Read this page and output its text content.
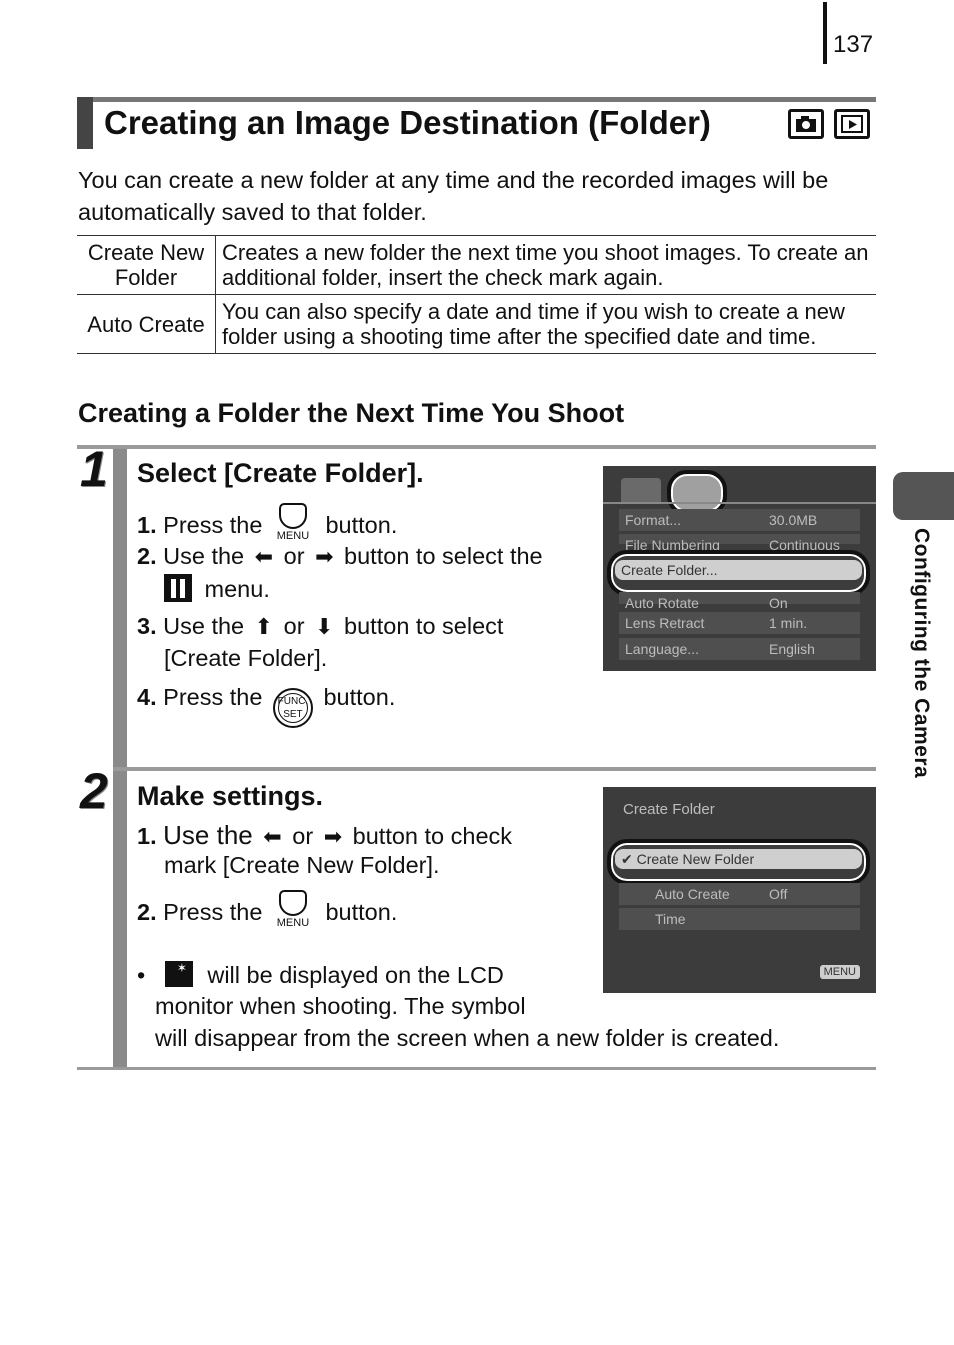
137
Creating an Image Destination (Folder)
You can create a new folder at any time and the recorded images will be automatically saved to that folder.
Create New Folder	Creates a new folder the next time you shoot images. To create an additional folder, insert the check mark again.
Auto Create	You can also specify a date and time if you wish to create a new folder using a shooting time after the specified date and time.
Creating a Folder the Next Time You Shoot
1 Select [Create Folder].
1. Press the	MENU button.
2. Use the ⬅ or ➡ button to select the
menu.
3. Use the ⬆ or ⬇ button to select
[Create Folder].
4. Press the FUNC.
SET button.
Format...	30.0MB
File Numbering	Continuous
Create Folder...
Auto Rotate	On
Lens Retract	1 min.
Language...	English
2 Make settings.
1. Use the ⬅ or ➡ button to check
mark [Create New Folder].
2. Press the	MENU button.
•   ✶ will be displayed on the LCD
monitor when shooting. The symbol
will disappear from the screen when a new folder is created.
Create Folder
✔ Create New Folder
Auto Create	Off
Time
MENU
Configuring the Camera
